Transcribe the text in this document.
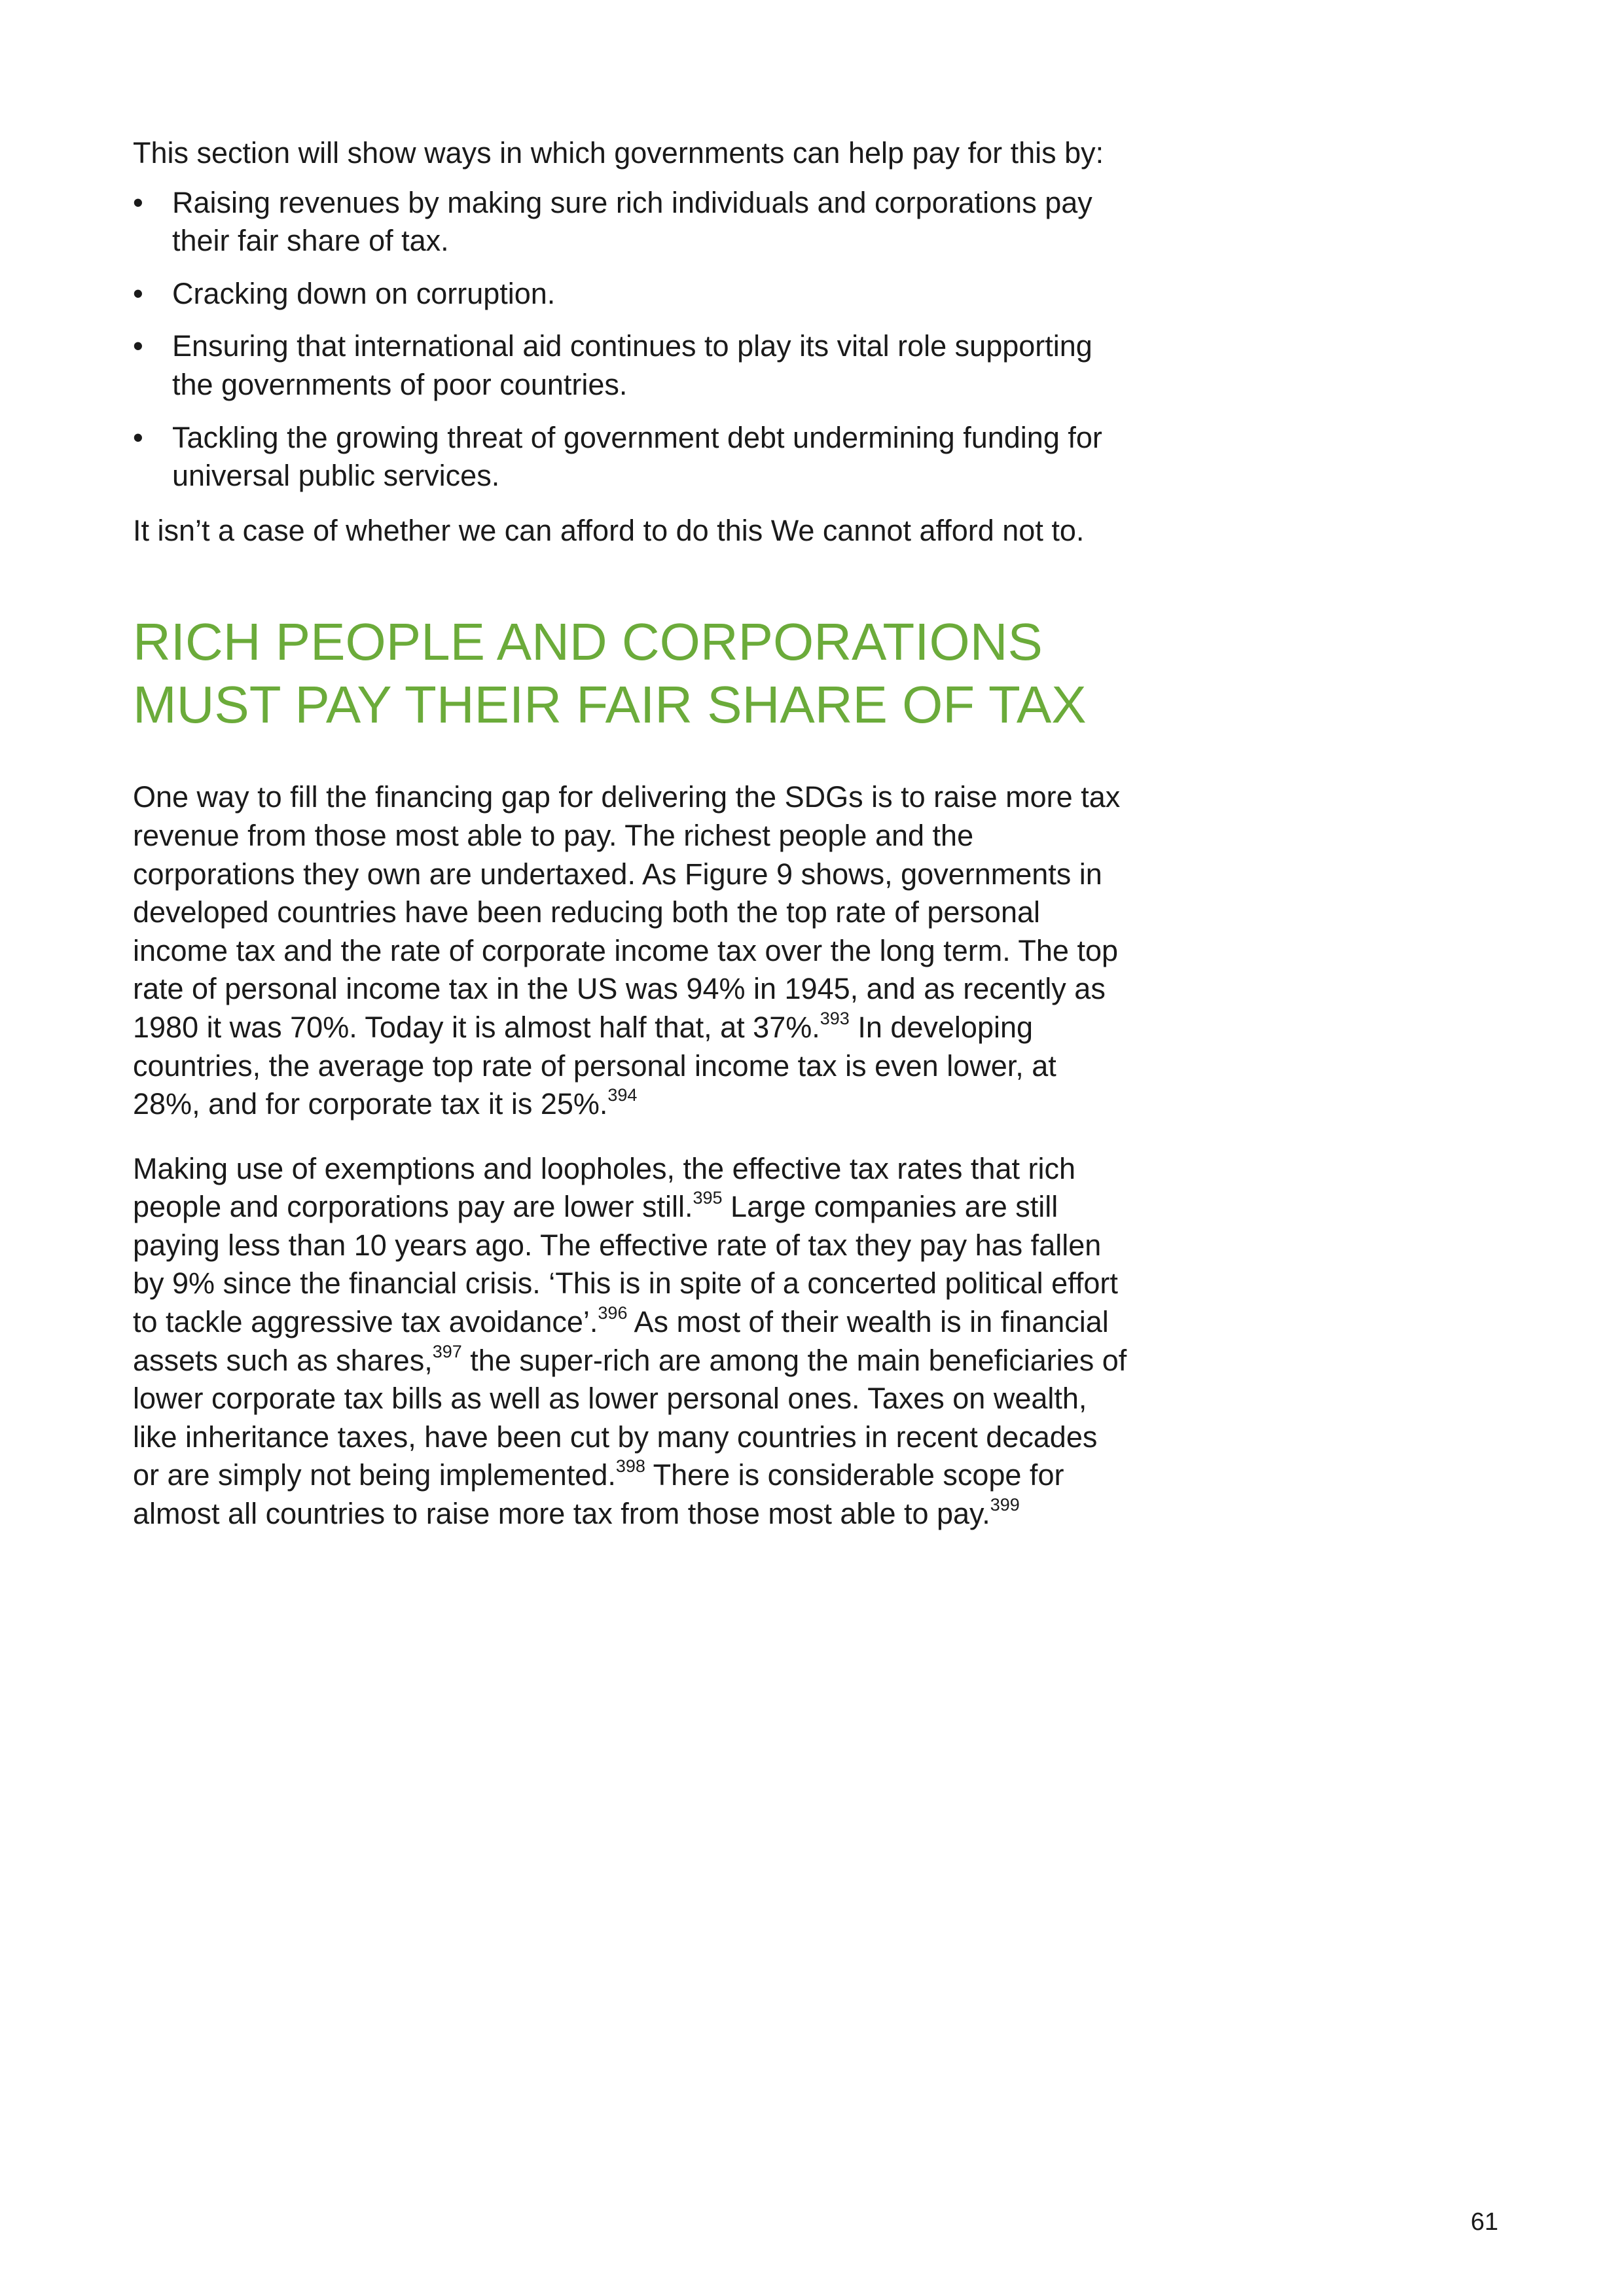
This section will show ways in which governments can help pay for this by:

• Raising revenues by making sure rich individuals and corporations pay their fair share of tax.
• Cracking down on corruption.
• Ensuring that international aid continues to play its vital role supporting the governments of poor countries.
• Tackling the growing threat of government debt undermining funding for universal public services.

It isn’t a case of whether we can afford to do this We cannot afford not to.

RICH PEOPLE AND CORPORATIONS MUST PAY THEIR FAIR SHARE OF TAX

One way to fill the financing gap for delivering the SDGs is to raise more tax revenue from those most able to pay. The richest people and the corporations they own are undertaxed. As Figure 9 shows, governments in developed countries have been reducing both the top rate of personal income tax and the rate of corporate income tax over the long term. The top rate of personal income tax in the US was 94% in 1945, and as recently as 1980 it was 70%. Today it is almost half that, at 37%.$^{393}$ In developing countries, the average top rate of personal income tax is even lower, at 28%, and for corporate tax it is 25%.$^{394}$

Making use of exemptions and loopholes, the effective tax rates that rich people and corporations pay are lower still.$^{395}$ Large companies are still paying less than 10 years ago. The effective rate of tax they pay has fallen by 9% since the financial crisis. ‘This is in spite of a concerted political effort to tackle aggressive tax avoidance’.$^{396}$ As most of their wealth is in financial assets such as shares,$^{397}$ the super-rich are among the main beneficiaries of lower corporate tax bills as well as lower personal ones. Taxes on wealth, like inheritance taxes, have been cut by many countries in recent decades or are simply not being implemented.$^{398}$ There is considerable scope for almost all countries to raise more tax from those most able to pay.$^{399}$

61
